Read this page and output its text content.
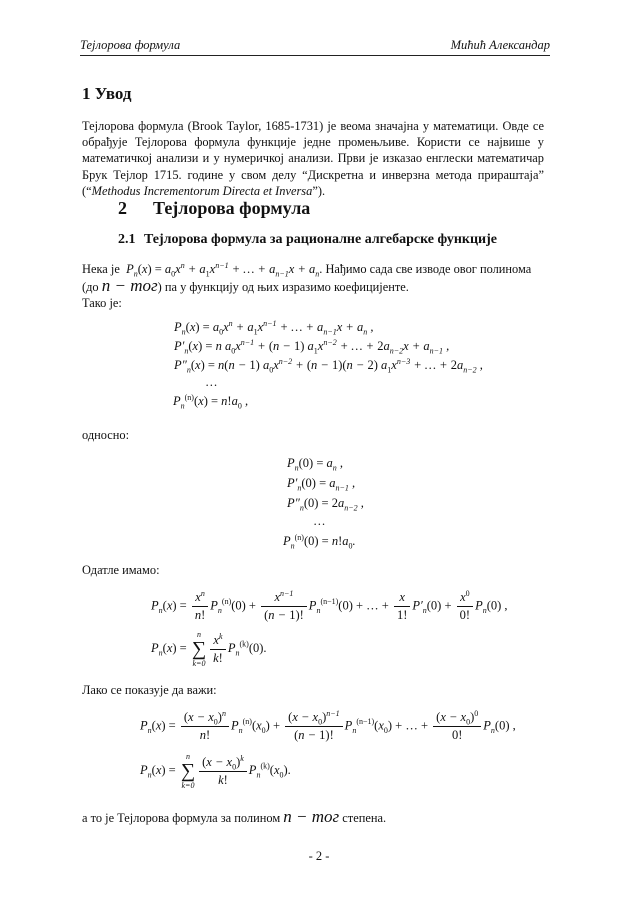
Тејлорова формула	Мићић Александар
1 Увод
Тејлорова формула (Brook Taylor, 1685-1731) је веома значајна у математици. Овде се
обрађује Тејлорова формула функције једне промењљиве. Користи се највише у
математичкој анализи и у нумеричкој анализи. Први је изказао енглески математичар
Брук Тејлор 1715. године у свом делу “Дискретна и инверзна метода прираштаја”
(“Methodus Incrementorum Directa et Inversa”).
2 Тејлорова формула
2.1 Тејлорова формула за рационалне алгебарске функције
Нека је  $P_n(x) = a_0x^n + a_1x^{n-1}$ + … + $a_{n-1}x + a_n$. Нађимо сада све изводе овог полинома
(до n − тог) па у функцију од њих изразимо коефицијенте.
Тако је:
$P_n(x) = a_0x^n + a_1x^{n-1}$ + … + $a_{n-1}x + a_n$ ,
$P'_n(x) = n$ $a_0x^{n-1} + (n - 1) a_1x^{n-2}$ + … + $2a_{n-2}x + a_{n-1}$ ,
$P''_n(x) = n(n - 1) a_0x^{n-2} + (n - 1)(n - 2) a_1x^{n-3}$ + … + $2a_{n-2}$ ,
…
$P_n^{(n)}(x) = n!a_0$ ,
односно:
$P_n(0) = a_n$ ,
$P'_n(0) = a_{n-1}$ ,
$P''_n(0) = 2a_{n-2}$ ,
…
$P_n^{(n)}(0) = n!a_0$.
Одатле имамо:
$P_n(x) = \frac{x^n}{n!} P_n^{(n)}(0) + \frac{x^{n-1}}{(n - 1)!} P_n^{(n-1)}(0)$ + … + $\frac{x}{1!} P'_n(0) + \frac{x^0}{0!} P_n(0)$ ,
$P_n(x)$ =
n
∑
$k=0 \frac{x^k}{k!} P_n^{(k)}(0)$.
Лако се показује да важи:
$P_n(x) = \frac{(x - x_0)^n}{n!} P_n^{(n)}(x_0) + \frac{(x - x_0)^{n-1}}{(n - 1)!} P_n^{(n-1)}(x_0)$ + … + $\frac{(x - x_0)^0}{0!} P_n(0)$ ,
$P_n(x)$ =
n
∑
$k=0 \frac{(x - x_0)^k}{k!} P_n^{(k)}(x_0)$.
а то је Тејлорова формула за полином n − тог степена.
- 2 -
